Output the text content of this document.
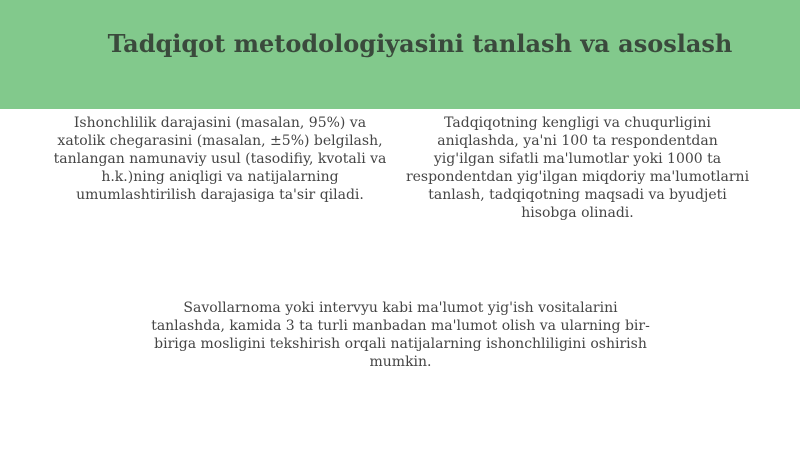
Tadqiqot metodologiyasini tanlash va asoslash

Ishonchlilik darajasini (masalan, 95%) va xatolik chegarasini (masalan, ±5%) belgilash, tanlangan namunaviy usul (tasodifiy, kvotali va h.k.)ning aniqligi va natijalarning umumlashtirilish darajasiga ta'sir qiladi.

Tadqiqotning kengligi va chuqurligini aniqlashda, ya'ni 100 ta respondentdan yig'ilgan sifatli ma'lumotlar yoki 1000 ta respondentdan yig'ilgan miqdoriy ma'lumotlarni tanlash, tadqiqotning maqsadi va byudjeti hisobga olinadi.

Savollarnoma yoki intervyu kabi ma'lumot yig'ish vositalarini tanlashda, kamida 3 ta turli manbadan ma'lumot olish va ularning bir-biriga mosligini tekshirish orqali natijalarning ishonchliligini oshirish mumkin.
